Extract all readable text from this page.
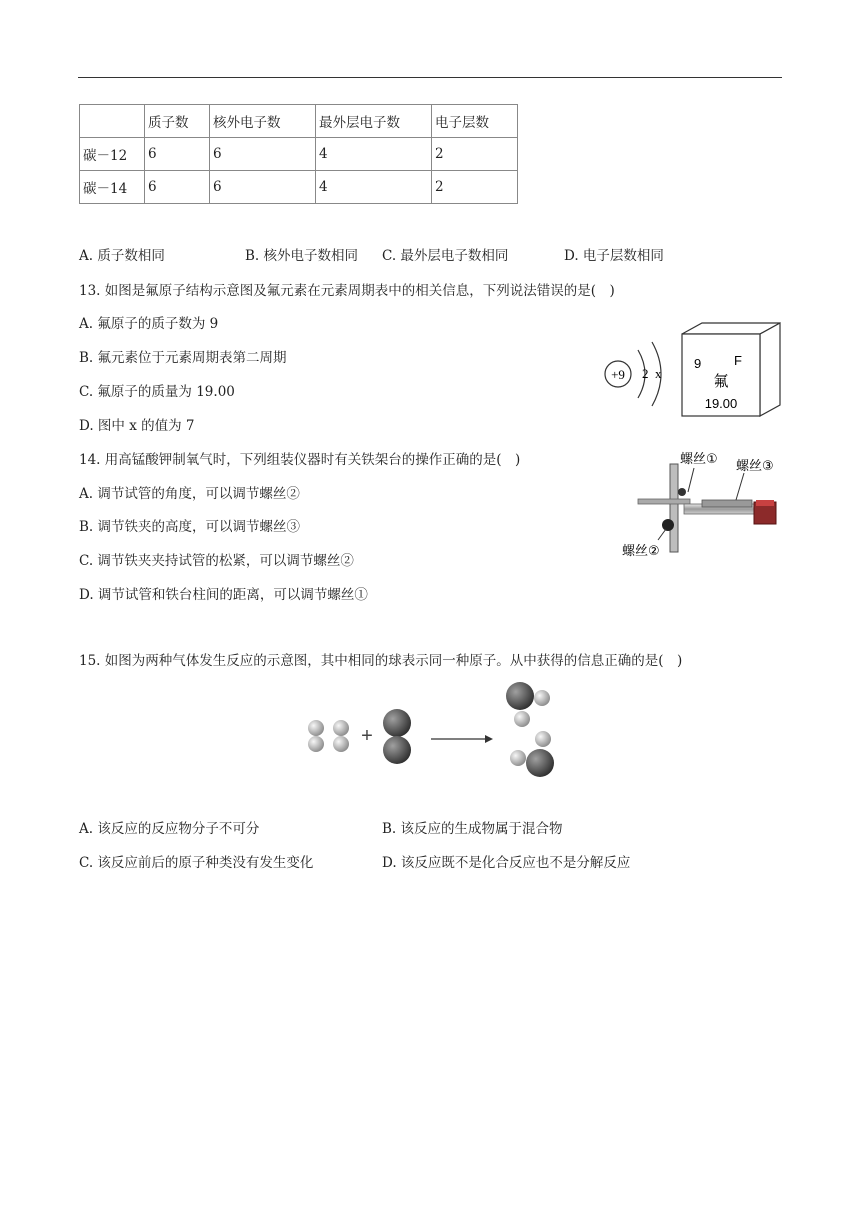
	质子数	核外电子数	最外层电子数	电子层数
碳－12	6	6	4	2
碳－14	6	6	4	2
A. 质子数相同	B. 核外电子数相同 C. 最外层电子数相同	D. 电子层数相同
13. 如图是氟原子结构示意图及氟元素在元素周期表中的相关信息，下列说法错误的是(　)
A. 氟原子的质子数为 9
B. 氟元素位于元素周期表第二周期
C. 氟原子的质量为 19.00
D. 图中 x 的值为 7
+9 2 x
9	F
氟
19.00
14. 用高锰酸钾制氧气时，下列组装仪器时有关铁架台的操作正确的是(　)
A. 调节试管的角度，可以调节螺丝②
B. 调节铁夹的高度，可以调节螺丝③
C. 调节铁夹夹持试管的松紧，可以调节螺丝②
D. 调节试管和铁台柱间的距离，可以调节螺丝①
螺丝① 螺丝③
螺丝②
15. 如图为两种气体发生反应的示意图，其中相同的球表示同一种原子。从中获得的信息正确的是(　)
+
A. 该反应的反应物分子不可分	B. 该反应的生成物属于混合物
C. 该反应前后的原子种类没有发生变化	D. 该反应既不是化合反应也不是分解反应
